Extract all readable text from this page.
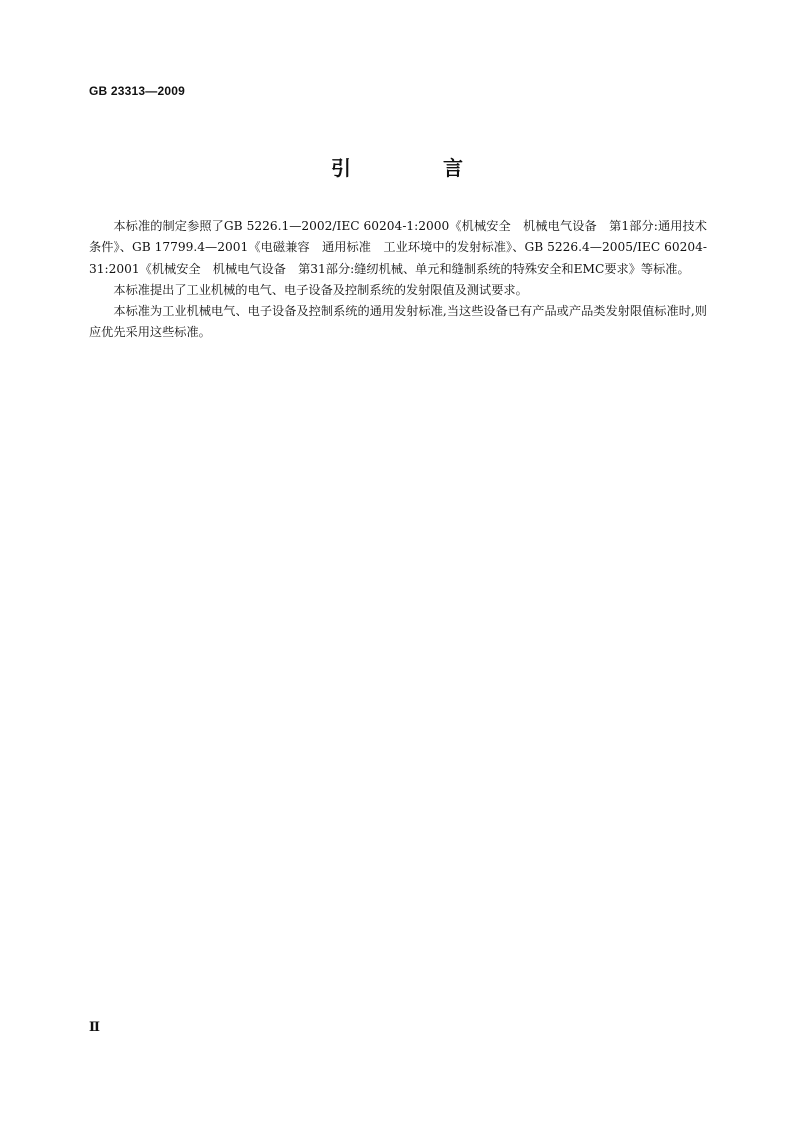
GB 23313—2009
引　言

本标准的制定参照了GB 5226.1—2002/IEC 60204-1:2000《机械安全　机械电气设备　第1部分:通用技术条件》、GB 17799.4—2001《电磁兼容　通用标准　工业环境中的发射标准》、GB 5226.4—2005/IEC 60204-31:2001《机械安全　机械电气设备　第31部分:缝纫机械、单元和缝制系统的特殊安全和EMC要求》等标准。

本标准提出了工业机械的电气、电子设备及控制系统的发射限值及测试要求。

本标准为工业机械电气、电子设备及控制系统的通用发射标准,当这些设备已有产品或产品类发射限值标准时,则应优先采用这些标准。

Ⅱ
